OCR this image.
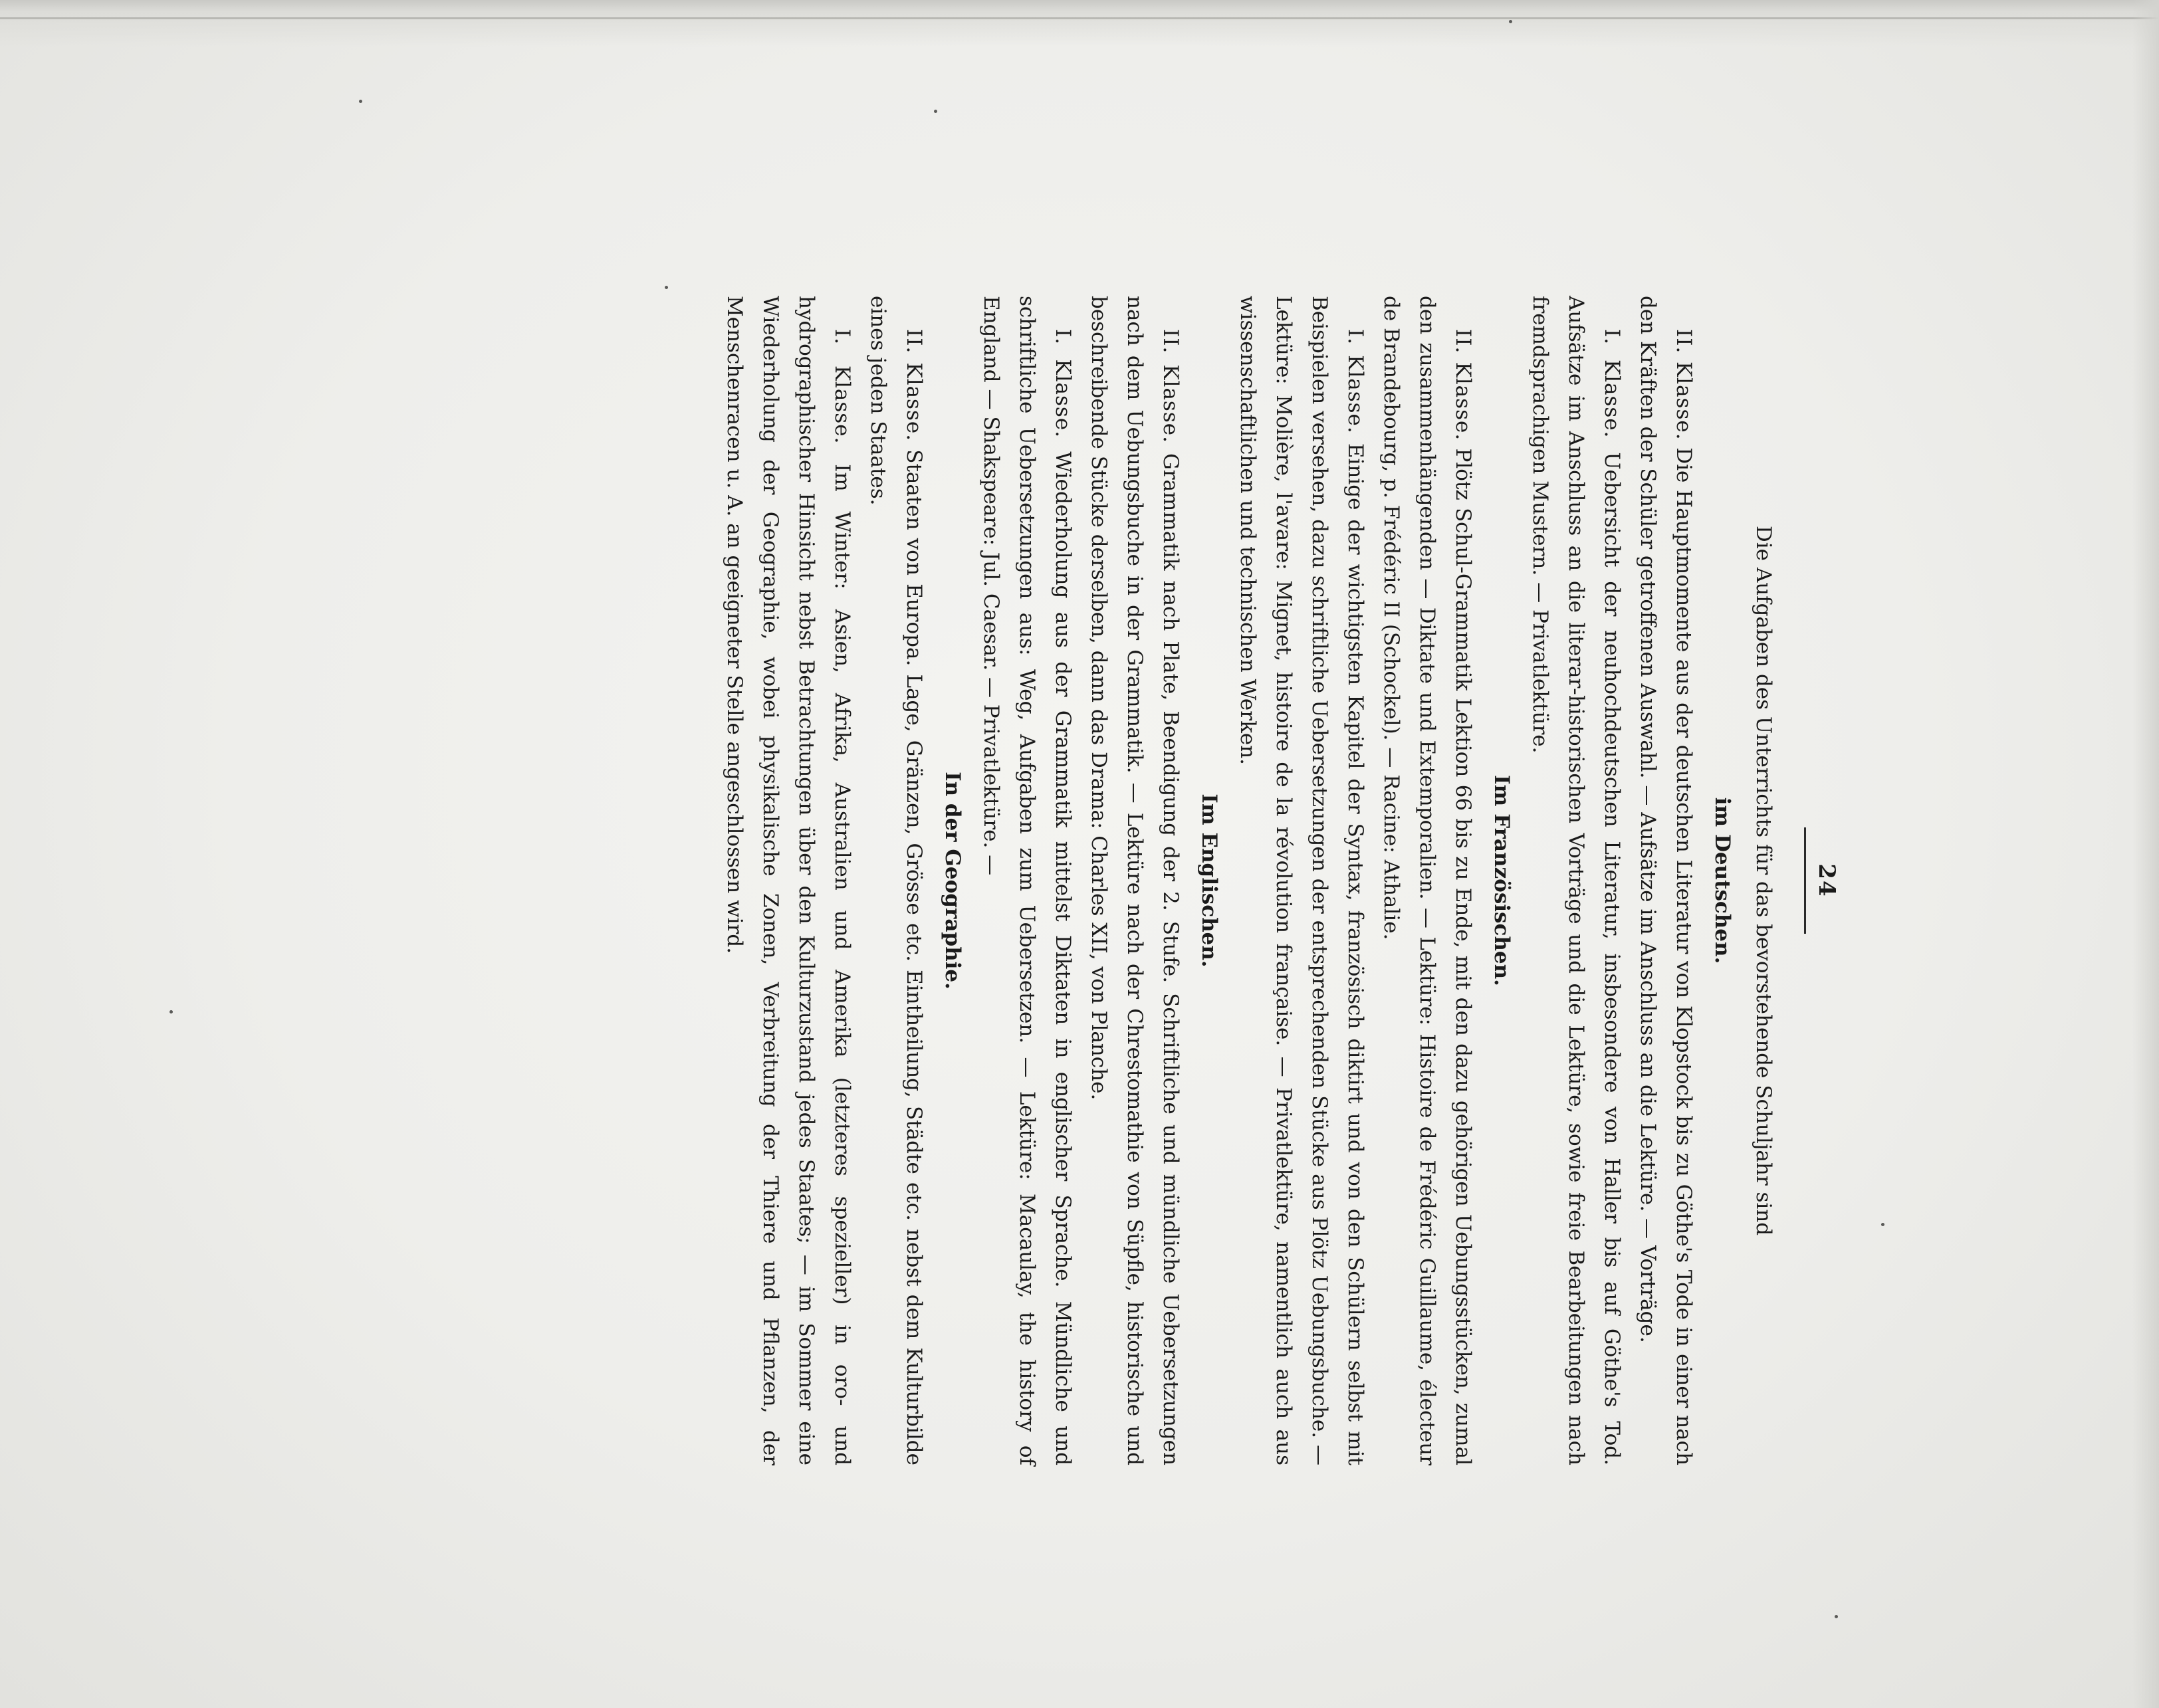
24
Die Aufgaben des Unterrichts für das bevorstehende Schuljahr sind
im Deutschen.

II. Klasse. Die Hauptmomente aus der deutschen Literatur von Klopstock bis zu Göthe's Tode in einer nach den Kräften der Schüler getroffenen Auswahl. — Aufsätze im Anschluss an die Lektüre. — Vorträge.

I. Klasse. Uebersicht der neuhochdeutschen Literatur, insbesondere von Haller bis auf Göthe's Tod. Aufsätze im Anschluss an die literar-historischen Vorträge und die Lektüre, sowie freie Bearbeitungen nach fremdsprachigen Mustern. — Privatlektüre.

Im Französischen.

II. Klasse. Plötz Schul-Grammatik Lektion 66 bis zu Ende, mit den dazu gehörigen Uebungsstücken, zumal den zusammenhängenden — Diktate und Extemporalien. — Lektüre: Histoire de Frédéric Guillaume, électeur de Brandebourg, p. Frédéric II (Schockel). — Racine: Athalie.

I. Klasse. Einige der wichtigsten Kapitel der Syntax, französisch diktirt und von den Schülern selbst mit Beispielen versehen, dazu schriftliche Uebersetzungen der entsprechenden Stücke aus Plötz Uebungsbuche. — Lektüre: Molière, l'avare: Mignet, histoire de la révolution française. — Privatlektüre, namentlich auch aus wissenschaftlichen und technischen Werken.

Im Englischen.

II. Klasse. Grammatik nach Plate, Beendigung der 2. Stufe. Schriftliche und mündliche Uebersetzungen nach dem Uebungsbuche in der Grammatik. — Lektüre nach der Chrestomathie von Süpfle, historische und beschreibende Stücke derselben, dann das Drama: Charles XII, von Planche.

I. Klasse. Wiederholung aus der Grammatik mittelst Diktaten in englischer Sprache. Mündliche und schriftliche Uebersetzungen aus: Weg, Aufgaben zum Uebersetzen. — Lektüre: Macaulay, the history of England — Shakspeare: Jul. Caesar. — Privatlektüre. —

In der Geographie.

II. Klasse. Staaten von Europa. Lage, Gränzen, Grösse etc. Eintheilung, Städte etc. nebst dem Kulturbilde eines jeden Staates.

I. Klasse. Im Winter: Asien, Afrika, Australien und Amerika (letzteres spezieller) in oro- und hydrographischer Hinsicht nebst Betrachtungen über den Kulturzustand jedes Staates; — im Sommer eine Wiederholung der Geographie, wobei physikalische Zonen, Verbreitung der Thiere und Pflanzen, der Menschenracen u. A. an geeigneter Stelle angeschlossen wird.
